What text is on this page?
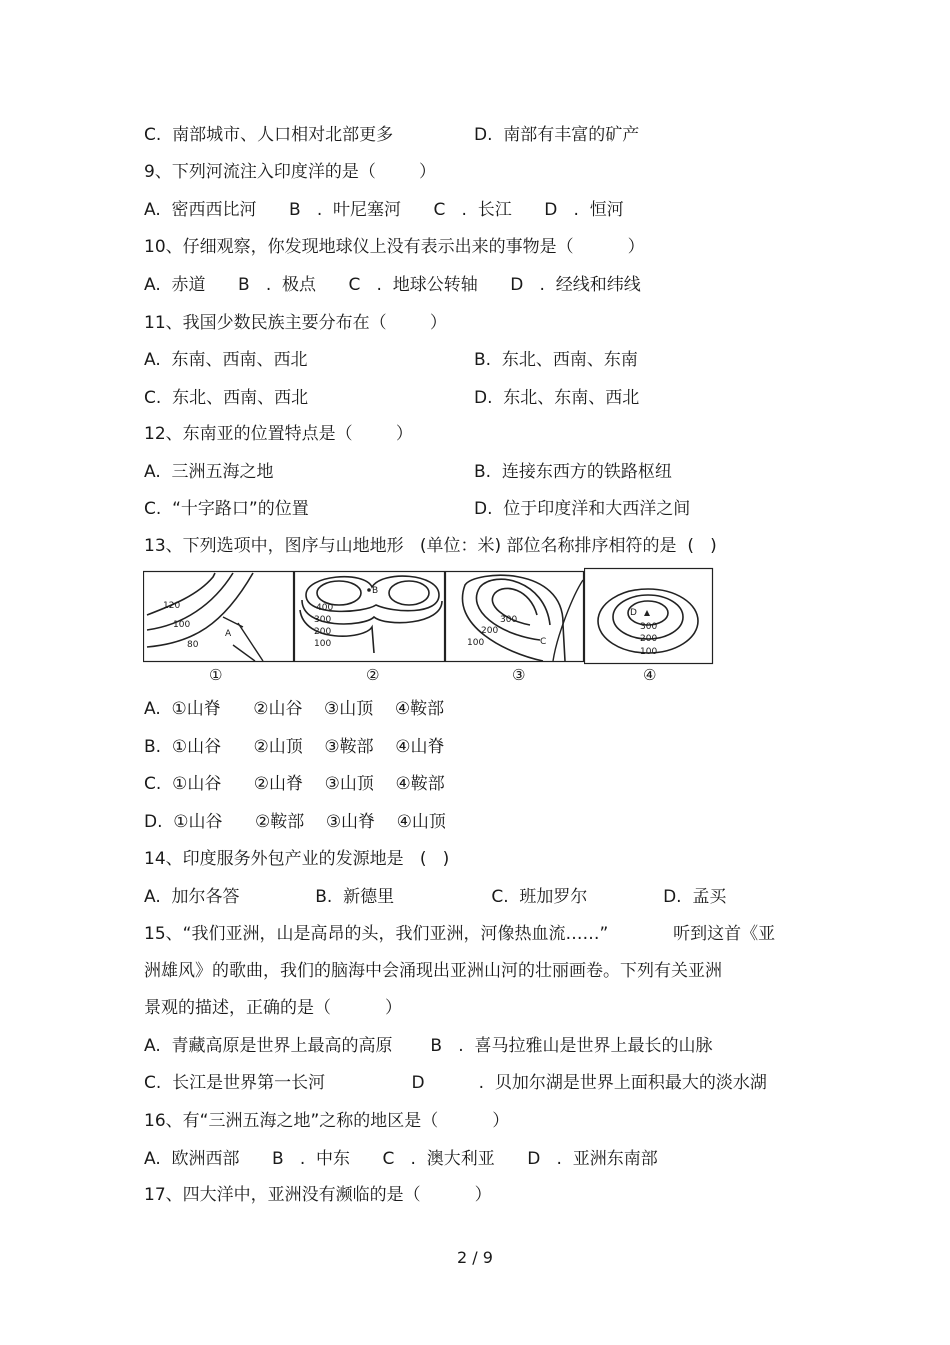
C.  南部城市、人口相对北部更多	D.  南部有丰富的矿产
9、下列河流注入印度洋的是（        ）
A.  密西西比河      B   .  叶尼塞河      C   .  长江      D   .  恒河
10、仔细观察，你发现地球仪上没有表示出来的事物是（          ）
A.  赤道      B   .  极点      C   .  地球公转轴      D   .  经线和纬线
11、我国少数民族主要分布在（        ）
A.  东南、西南、西北	B.  东北、西南、东南
C.  东北、西南、西北	D.  东北、东南、西北
12、东南亚的位置特点是（        ）
A.  三洲五海之地	B.  连接东西方的铁路枢纽
C.  “十字路口”的位置	D.  位于印度洋和大西洋之间
13、下列选项中，图序与山地地形   (单位：米) 部位名称排序相符的是  (   )
120
100
80
A
400
300
200
100
B
300
200
100	C
D
300
200
100
①	②	③	④
A.  ①山脊      ②山谷    ③山顶    ④鞍部
B.  ①山谷      ②山顶    ③鞍部    ④山脊
C.  ①山谷      ②山脊    ③山顶    ④鞍部
D.  ①山谷      ②鞍部    ③山脊    ④山顶
14、印度服务外包产业的发源地是   (   )
A.  加尔各答              B.  新德里                  C.  班加罗尔              D.  孟买
15、“我们亚洲，山是高昂的头，我们亚洲，河像热血流……”            听到这首《亚
洲雄风》的歌曲，我们的脑海中会涌现出亚洲山河的壮丽画卷。下列有关亚洲
景观的描述，正确的是（          ）
A.  青藏高原是世界上最高的高原       B   .  喜马拉雅山是世界上最长的山脉
C.  长江是世界第一长河                D          .  贝加尔湖是世界上面积最大的淡水湖
16、有“三洲五海之地”之称的地区是（          ）
A.  欧洲西部      B   .  中东      C   .  澳大利亚      D   .  亚洲东南部
17、四大洋中，亚洲没有濒临的是（          ）
2 / 9
